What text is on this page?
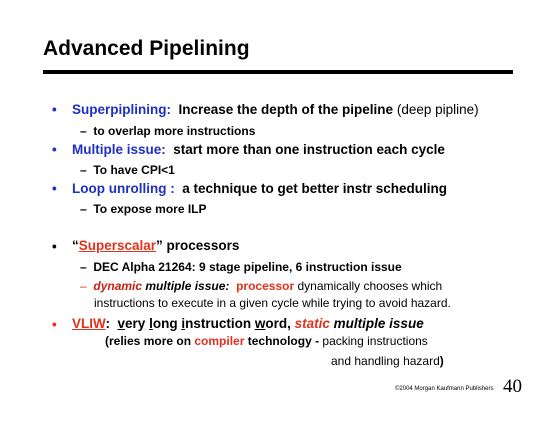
Advanced Pipelining
• Superpiplining: Increase the depth of the pipeline (deep pipline)
– to overlap more instructions
• Multiple issue: start more than one instruction each cycle
– To have CPI<1
• Loop unrolling : a technique to get better instr scheduling
– To expose more ILP
• “Superscalar” processors
– DEC Alpha 21264: 9 stage pipeline, 6 instruction issue
– dynamic multiple issue: processor dynamically chooses which
instructions to execute in a given cycle while trying to avoid hazard.
• VLIW: very long instruction word, static multiple issue
(relies more on compiler technology - packing instructions
and handling hazard)
©2004 Morgan Kaufmann Publishers 40
